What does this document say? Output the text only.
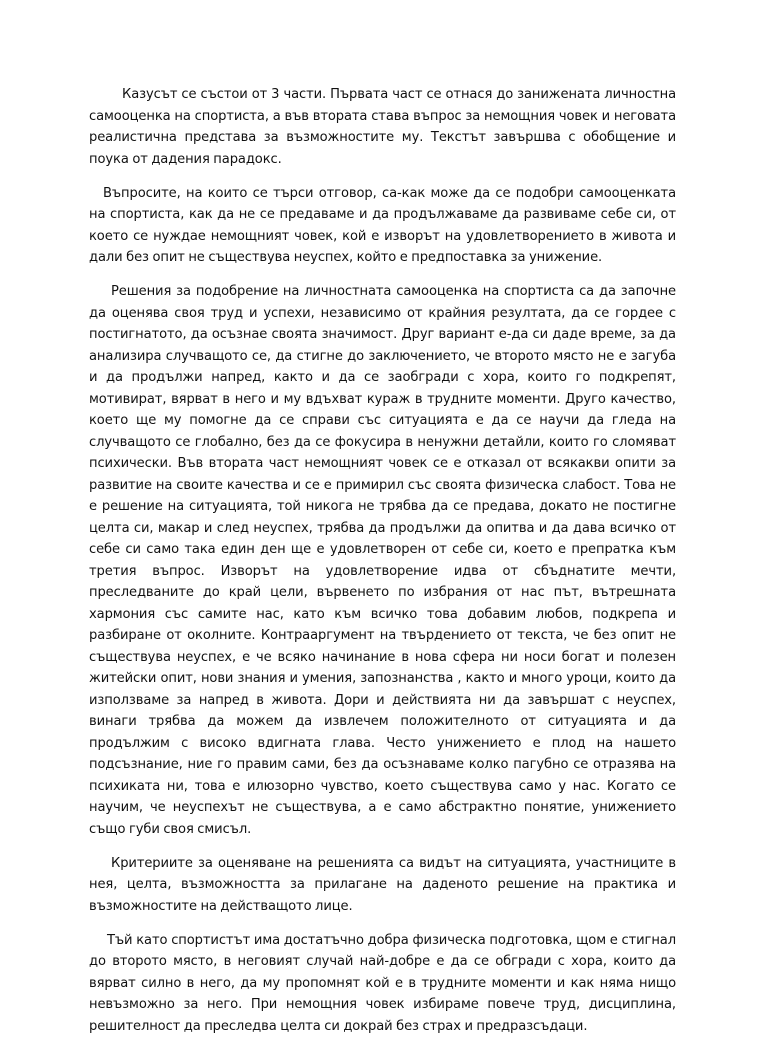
Казусът се състои от 3 части. Първата част се отнася до занижената личностна самооценка на спортиста, а във втората става въпрос за немощния човек и неговата реалистична представа за възможностите му. Текстът завършва с обобщение и поука от дадения парадокс.

Въпросите, на които се търси отговор, са-как може да се подобри самооценката на спортиста, как да не се предаваме и да продължаваме да развиваме себе си, от което се нуждае немощният човек, кой е изворът на удовлетворението в живота и дали без опит не съществува неуспех, който е предпоставка за унижение.

Решения за подобрение на личностната самооценка на спортиста са да започне да оценява своя труд и успехи, независимо от крайния резултата, да се гордее с постигнатото, да осъзнае своята значимост. Друг вариант е-да си даде време, за да анализира случващото се, да стигне до заключението, че второто място не е загуба и да продължи напред, както и да се заобгради с хора, които го подкрепят, мотивират, вярват в него и му вдъхват кураж в трудните моменти. Друго качество, което ще му помогне да се справи със ситуацията е да се научи да гледа на случващото се глобално, без да се фокусира в ненужни детайли, които го сломяват психически. Във втората част немощният човек се е отказал от всякакви опити за развитие на своите качества и се е примирил със своята физическа слабост. Това не е решение на ситуацията, той никога не трябва да се предава, докато не постигне целта си, макар и след неуспех, трябва да продължи да опитва и да дава всичко от себе си само така един ден ще е удовлетворен от себе си, което е препратка към третия въпрос. Изворът на удовлетворение идва от сбъднатите мечти, преследваните до край цели, вървенето по избрания от нас път, вътрешната хармония със самите нас, като към всичко това добавим любов, подкрепа и разбиране от околните. Контрааргумент на твърдението от текста, че без опит не съществува неуспех, е че всяко начинание в нова сфера ни носи богат и полезен житейски опит, нови знания и умения, запознанства , както и много уроци, които да използваме за напред в живота. Дори и действията ни да завършат с неуспех, винаги трябва да можем да извлечем положителното от ситуацията и да продължим с високо вдигната глава. Често унижението е плод на нашето подсъзнание, ние го правим сами, без да осъзнаваме колко пагубно се отразява на психиката ни, това е илюзорно чувство, което съществува само у нас. Когато се научим, че неуспехът не съществува, а е само абстрактно понятие, унижението също губи своя смисъл.

Критериите за оценяване на решенията са видът на ситуацията, участниците в нея, целта, възможността за прилагане на даденото решение на практика и възможностите на действащото лице.

Тъй като спортистът има достатъчно добра физическа подготовка, щом е стигнал до второто място, в неговият случай най-добре е да се обгради с хора, които да вярват силно в него, да му пропомнят кой е в трудните моменти и как няма нищо невъзможно за него. При немощния човек избираме повече труд, дисциплина, решителност да преследва целта си докрай без страх и предразсъдаци.
